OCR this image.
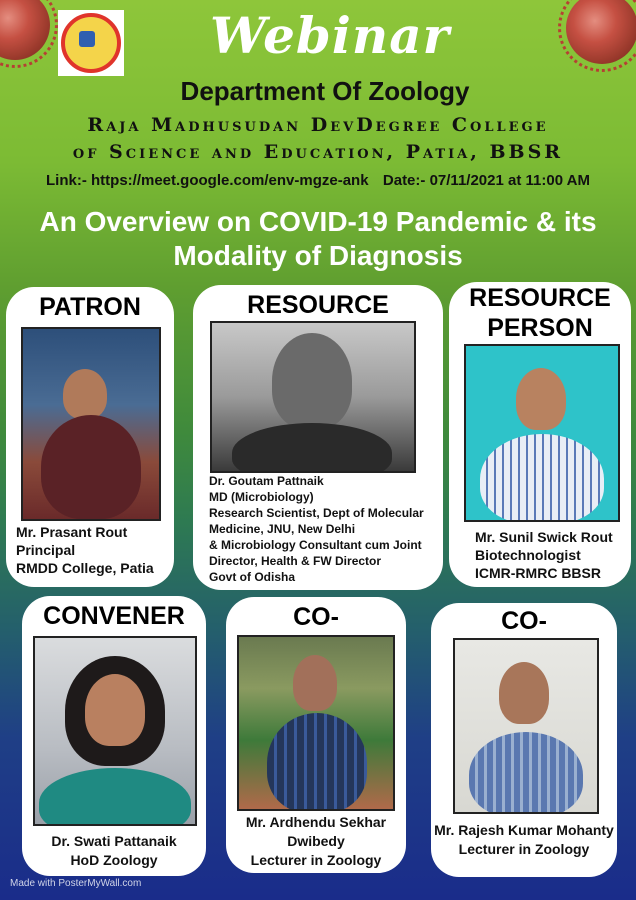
Webinar
Department Of Zoology
Raja Madhusudan DevDegree College
of Science and Education, Patia, BBSR
Link:- https://meet.google.com/env-mgze-ank Date:- 07/11/2021 at 11:00 AM
An Overview on COVID-19 Pandemic & its
Modality of Diagnosis
PATRON
Mr. Prasant Rout
Principal
RMDD College, Patia
RESOURCE
Dr. Goutam Pattnaik
MD (Microbiology)
Research Scientist, Dept of Molecular
Medicine, JNU, New Delhi
& Microbiology Consultant cum Joint
Director, Health & FW Director
Govt of Odisha
RESOURCE
PERSON
Mr. Sunil Swick Rout
Biotechnologist
ICMR-RMRC BBSR
CONVENER
Dr. Swati Pattanaik
HoD Zoology
CO-
Mr. Ardhendu Sekhar
Dwibedy
Lecturer in Zoology
CO-
Mr. Rajesh Kumar Mohanty
Lecturer in Zoology
Made with PosterMyWall.com
